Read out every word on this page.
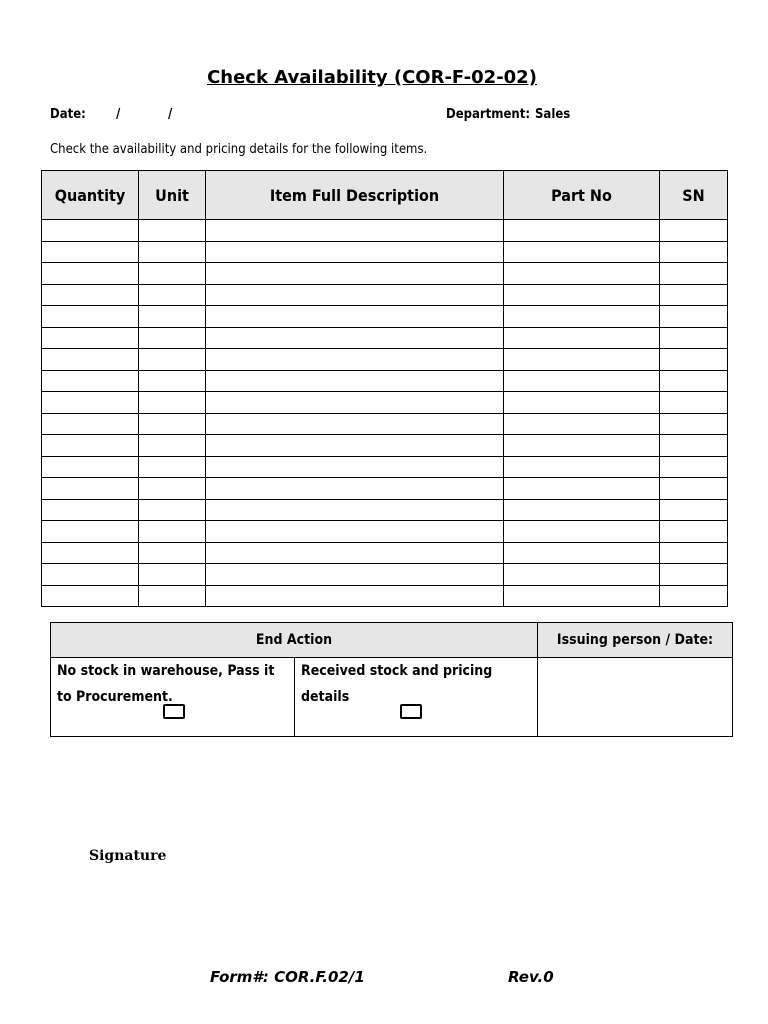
Check Availability (COR-F-02-02)
Date: /	/	Department: Sales
Check the availability and pricing details for the following items.
Quantity	Unit	Item Full Description	Part No	SN

End Action		Issuing person / Date:
No stock in warehouse, Pass it to Procurement.	Received stock and pricing details

Signature
Form#: COR.F.02/1	Rev.0
